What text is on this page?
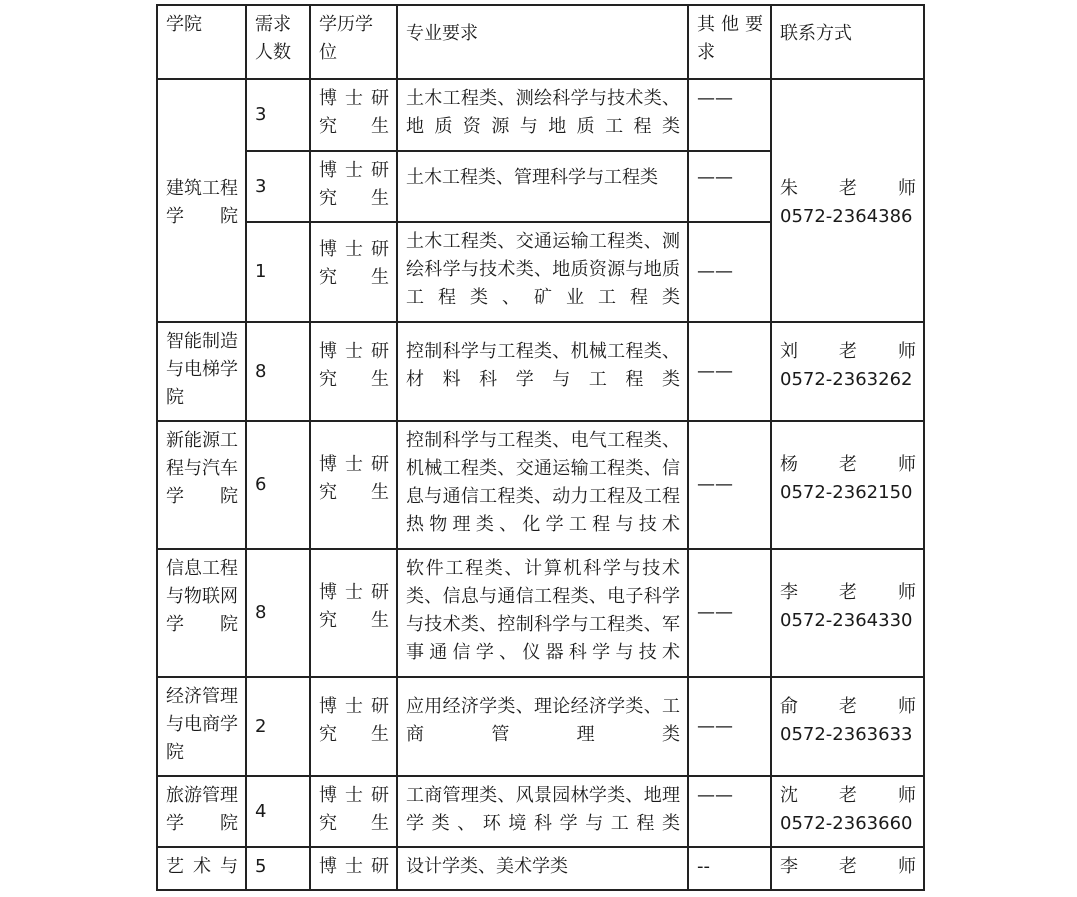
学院	需求人数	学历学位	专业要求	其他要求	联系方式

建筑工程学院	3	博士研究生	土木工程类、测绘科学与技术类、地质资源与地质工程类	——	朱老师
0572-2364386

	3	博士研究生	土木工程类、管理科学与工程类	——	

	1	博士研究生	土木工程类、交通运输工程类、测绘科学与技术类、地质资源与地质工程类、矿业工程类	——	

智能制造与电梯学院	8	博士研究生	控制科学与工程类、机械工程类、材料科学与工程类	——	刘老师
0572-2363262

新能源工程与汽车学院	6	博士研究生	控制科学与工程类、电气工程类、机械工程类、交通运输工程类、信息与通信工程类、动力工程及工程热物理类、化学工程与技术	——	杨老师
0572-2362150

信息工程与物联网学院	8	博士研究生	软件工程类、计算机科学与技术类、信息与通信工程类、电子科学与技术类、控制科学与工程类、军事通信学、仪器科学与技术	——	李老师
0572-2364330

经济管理与电商学院	2	博士研究生	应用经济学类、理论经济学类、工商管理类	——	俞老师
0572-2363633

旅游管理学院	4	博士研究生	工商管理类、风景园林学类、地理学类、环境科学与工程类	——	沈老师
0572-2363660

艺术与	5	博士研	设计学类、美术学类	--	李老师
